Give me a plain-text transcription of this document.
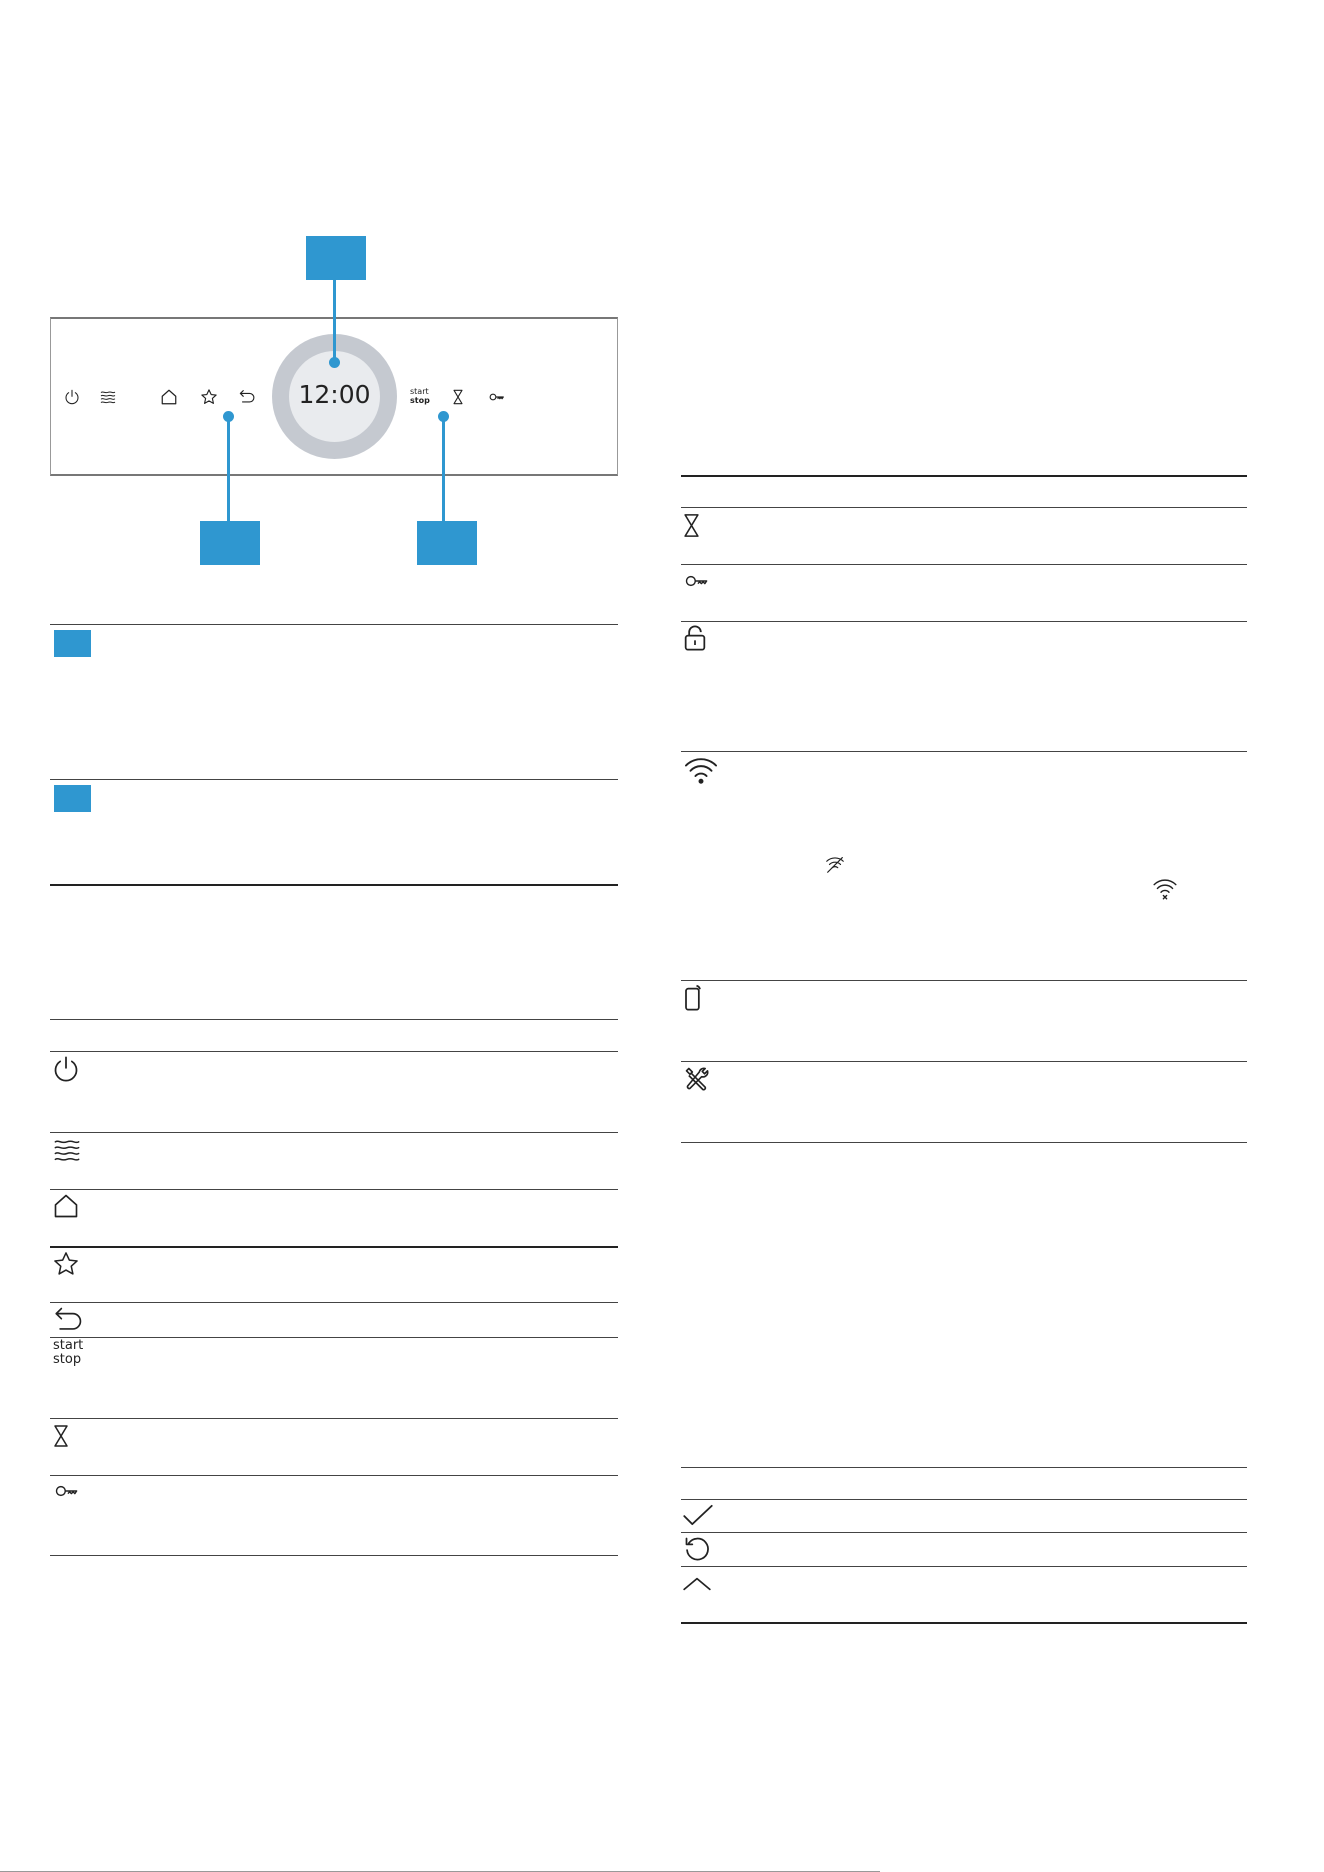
12:00	start
stop
start
stop
